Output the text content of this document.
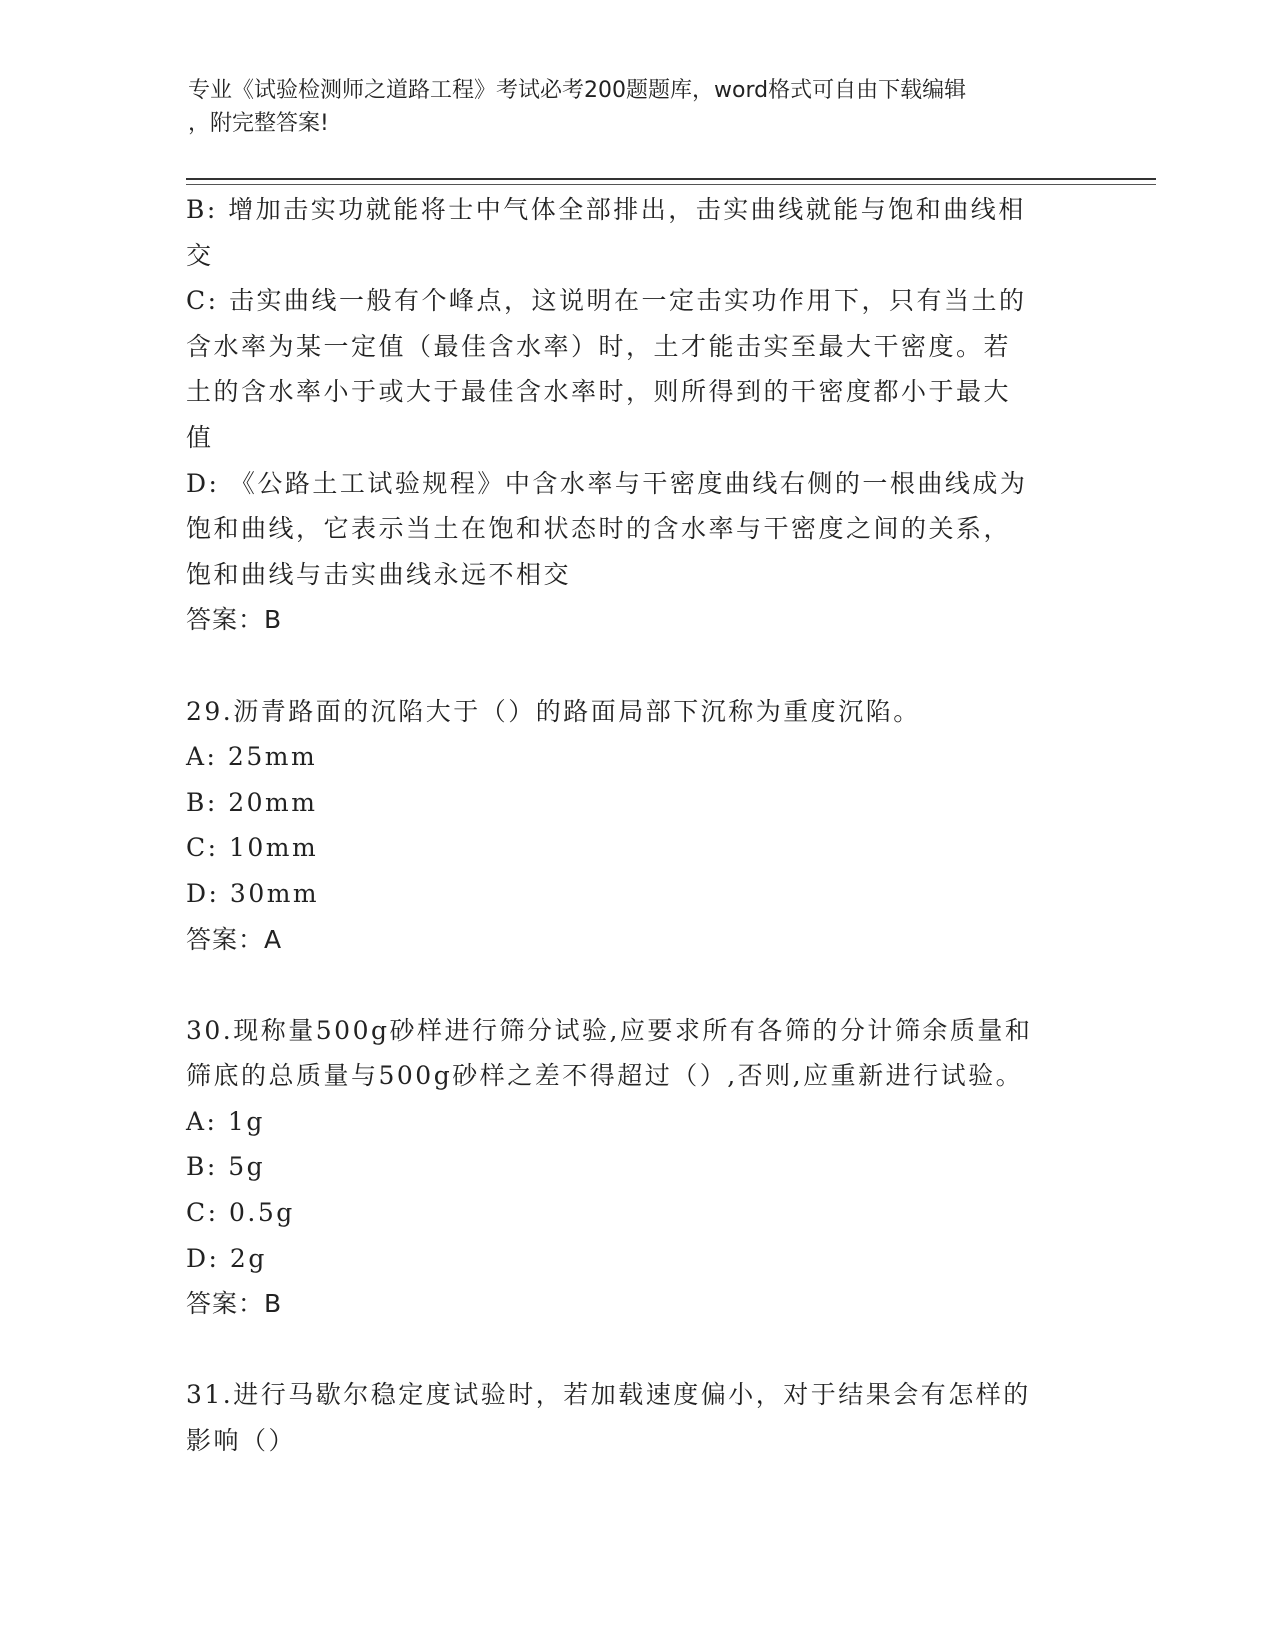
专业《试验检测师之道路工程》考试必考200题题库，word格式可自由下载编辑
，附完整答案!
B: 增加击实功就能将士中气体全部排出，击实曲线就能与饱和曲线相
交
C: 击实曲线一般有个峰点，这说明在一定击实功作用下，只有当土的
含水率为某一定值（最佳含水率）时，土才能击实至最大干密度。若
土的含水率小于或大于最佳含水率时，则所得到的干密度都小于最大
值
D: 《公路土工试验规程》中含水率与干密度曲线右侧的一根曲线成为
饱和曲线，它表示当土在饱和状态时的含水率与干密度之间的关系，
饱和曲线与击实曲线永远不相交
答案：B
29.沥青路面的沉陷大于（）的路面局部下沉称为重度沉陷。
A: 25mm
B: 20mm
C: 10mm
D: 30mm
答案：A
30.现称量500g砂样进行筛分试验,应要求所有各筛的分计筛余质量和
筛底的总质量与500g砂样之差不得超过（）,否则,应重新进行试验。
A: 1g
B: 5g
C: 0.5g
D: 2g
答案：B
31.进行马歇尔稳定度试验时，若加载速度偏小，对于结果会有怎样的
影响（）
